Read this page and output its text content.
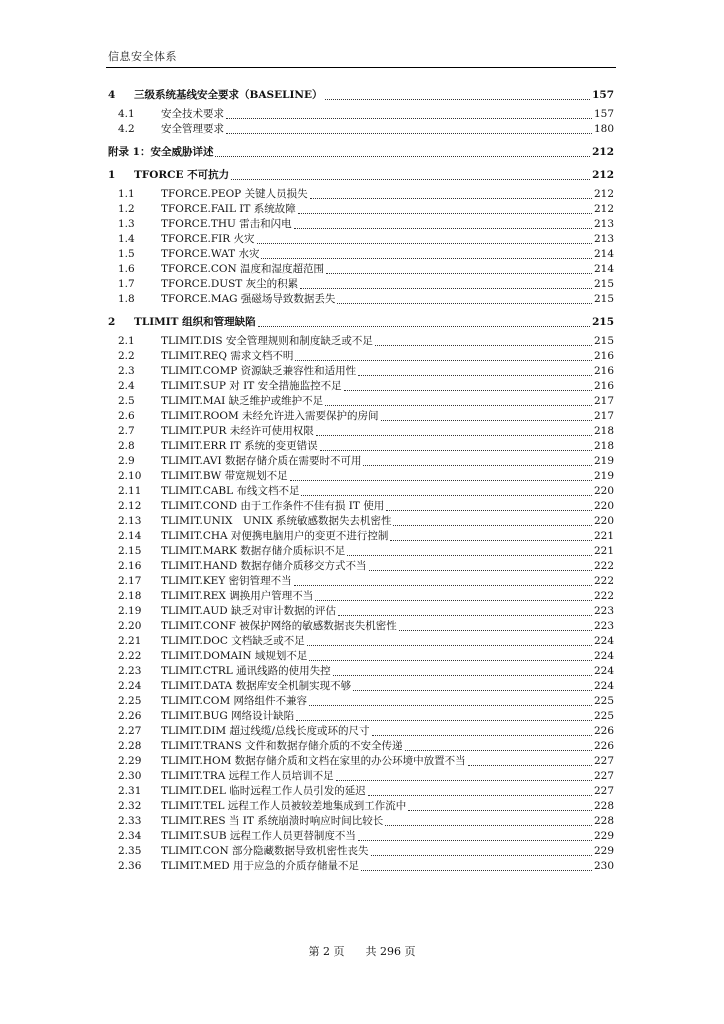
信息安全体系
4	三级系统基线安全要求（BASELINE）	157
4.1	安全技术要求	157
4.2	安全管理要求	180
附录 1：安全威胁详述	212
1	TFORCE 不可抗力	212
1.1	TFORCE.PEOP 关键人员损失	212
1.2	TFORCE.FAIL IT 系统故障	212
1.3	TFORCE.THU 雷击和闪电	213
1.4	TFORCE.FIR 火灾	213
1.5	TFORCE.WAT 水灾	214
1.6	TFORCE.CON 温度和湿度超范围	214
1.7	TFORCE.DUST 灰尘的积累	215
1.8	TFORCE.MAG 强磁场导致数据丢失	215
2	TLIMIT 组织和管理缺陷	215
2.1	TLIMIT.DIS 安全管理规则和制度缺乏或不足	215
2.2	TLIMIT.REQ 需求文档不明	216
2.3	TLIMIT.COMP 资源缺乏兼容性和适用性	216
2.4	TLIMIT.SUP 对 IT 安全措施监控不足	216
2.5	TLIMIT.MAI 缺乏维护或维护不足	217
2.6	TLIMIT.ROOM 未经允许进入需要保护的房间	217
2.7	TLIMIT.PUR 未经许可使用权限	218
2.8	TLIMIT.ERR IT 系统的变更错误	218
2.9	TLIMIT.AVI 数据存储介质在需要时不可用	219
2.10	TLIMIT.BW 带宽规划不足	219
2.11	TLIMIT.CABL 布线文档不足	220
2.12	TLIMIT.COND 由于工作条件不佳有损 IT 使用	220
2.13	TLIMIT.UNIX　UNIX 系统敏感数据失去机密性	220
2.14	TLIMIT.CHA 对便携电脑用户的变更不进行控制	221
2.15	TLIMIT.MARK 数据存储介质标识不足	221
2.16	TLIMIT.HAND 数据存储介质移交方式不当	222
2.17	TLIMIT.KEY 密钥管理不当	222
2.18	TLIMIT.REX 调换用户管理不当	222
2.19	TLIMIT.AUD 缺乏对审计数据的评估	223
2.20	TLIMIT.CONF 被保护网络的敏感数据丧失机密性	223
2.21	TLIMIT.DOC 文档缺乏或不足	224
2.22	TLIMIT.DOMAIN 域规划不足	224
2.23	TLIMIT.CTRL 通讯线路的使用失控	224
2.24	TLIMIT.DATA 数据库安全机制实现不够	224
2.25	TLIMIT.COM 网络组件不兼容	225
2.26	TLIMIT.BUG 网络设计缺陷	225
2.27	TLIMIT.DIM 超过线缆/总线长度或环的尺寸	226
2.28	TLIMIT.TRANS 文件和数据存储介质的不安全传递	226
2.29	TLIMIT.HOM 数据存储介质和文档在家里的办公环境中放置不当	227
2.30	TLIMIT.TRA 远程工作人员培训不足	227
2.31	TLIMIT.DEL 临时远程工作人员引发的延迟	227
2.32	TLIMIT.TEL 远程工作人员被较差地集成到工作流中	228
2.33	TLIMIT.RES 当 IT 系统崩溃时响应时间比较长	228
2.34	TLIMIT.SUB 远程工作人员更替制度不当	229
2.35	TLIMIT.CON 部分隐藏数据导致机密性丧失	229
2.36	TLIMIT.MED 用于应急的介质存储量不足	230
第 2 页 共 296 页
